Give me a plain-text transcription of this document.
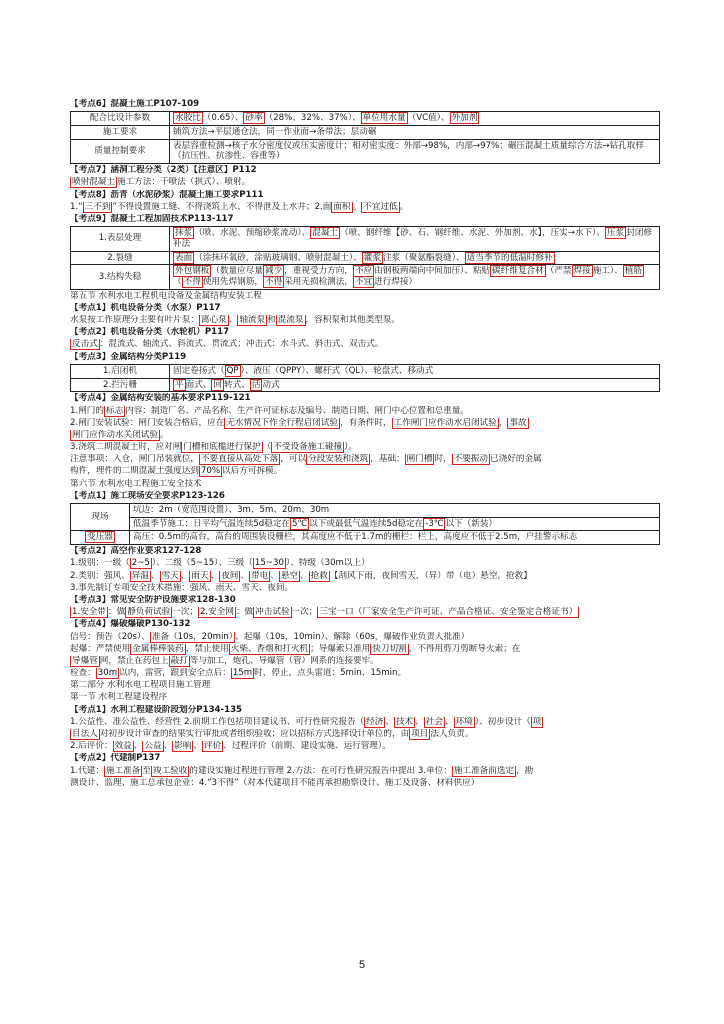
【考点6】混凝土施工P107-109
配合比设计参数	水胶比 （0.65）、 砂率 （28%、32%、37%）、 单位用水量 （VC值）、 外加剂
施工要求	铺筑方法→平层通仓法，同一作业面→条带法；层动碾
质量控制要求	表层容重检测→核子水分密度仪或压实密度计；相对密实度：外部→98%，内部→97%；碾压混凝土质量综合方法→钻孔取样（抗压性、抗渗性、容重等）
【考点7】涵洞工程分类（2类）【注意区】P112
喷射混凝土 施工方法：干喷法（拱式）、喷射。
【考点8】沥青（水泥砂浆）混凝土施工要求P111
1.“ 三不到 ”不得设置施工缝、不得浇筑上水、不得泄及上水井；2.面 面积 。 不宜过低 。
【考点9】混凝土工程加固技术P113-117
1.表层处理	抹浆 （喷、水泥、预缩砂浆流动）、 混凝土 （喷、钢纤维【砂、石、钢纤维、水泥、外加剂、水】，压实→水下）、 压浆 封闭修补法
2.裂缝	表面 （涂抹环氧砂，涂贴玻璃钢、喷射混凝土）、 灌浆 注浆（聚氨酯裂缝）、 适当季节的低温时修补
3.结构失稳	外包钢板 （数量应尽量 减少 ，重视受力方向， 不应 由钢板两端向中间加压）、粘贴 碳纤维复合材 （严禁 焊接 施工）、 植筋（ 不得 使用先焊钢筋， 不得 采用无损检测法， 不宜 进行焊接）
第五节 水利水电工程机电设备及金属结构安装工程
【考点1】机电设备分类（水泵）P117
水泵按工作原理分主要有叶片泵： 离心泵 、 轴流泵 和 混流泵 ，容积泵和其他类型泵。
【考点2】机电设备分类（水轮机）P117
反击式 ：混流式、轴流式、斜流式、贯流式；冲击式：水斗式、斜击式、双击式。
【考点3】金属结构分类P119
1.启闭机	固定卷扬式（ QP ）、液压（QPPY）、螺杆式（QL）、轮盘式、移动式
2.拦污栅	平 面式、 回 转式、 活 动式
【考点4】金属结构安装的基本要求P119-121
1.闸门的 标志 内容：制造厂名、产品名称、生产许可证标志及编号、制造日期、闸门中心位置和总重量。
2.闸门安装试验：闸门安装合格后，应在 无水情况下作全行程启闭试验 ，有条件时， 工作闸门应作动水启闭试验 ， 事故
闸门应作动水关闭试验 。
3.浇筑二期混凝土时，应对闸 门槽和底槛进行保护 （ 不受设备施工碰撞 ）。
注意事项：入仓，闸门吊装就位， 不要直接从高处下落 ，可以 分段安装和浇筑 ，基础： 闸门槽 时， 不要振动 已浇好的金属
构件，埋件的二期混凝土强度达到 70% 以后方可拆模。
第六节 水利水电工程施工安全技术
【考点1】施工现场安全要求P123-126
现场	坑边：2m（宽范围设置）、3m、5m、20m、30m
	低温季节施工：日平均气温连续5d稳定在 5℃ 以下或最低气温连续5d稳定在 -3℃ 以下（新装）
变压器	高压：0.5m的高台，高台的周围装设栅栏，其高度应不低于1.7m的栅栏：栏上，高度应不低于2.5m，户挂警示标志
【考点2】高空作业要求127-128
1.级别：一级（ 2~5 ）、二级（5~15）、三级（ 15~30 ）、特级（30m以上）
2.类别：强风、 异温 、 雪天 、 雨天 、 夜间 、 带电 、 悬空 、 抢救 【刮风下雨，夜间雪天，（异）带（电）悬空，抢救】
3.事先制订专项安全技术措施：强风、雨天、雪天、夜间。
【考点3】常见安全防护设施要求128-130
1.安全带 ：做 静负荷试验 一次； 2.安全网 ：做 冲击试验 一次； 三宝一口（厂家安全生产许可证、产品合格证、安全鉴定合格证书）
【考点4】爆破爆破P130-132
信号：预告（20s）、 准备（10s，20min） 、起爆（10s，10min）、解除（60s，爆破作业负责人批准）
起爆：严禁使用 金属棒棒装药 ，禁止使用 火柴、香烟和打火机 ；导爆索只准用 快刀切割 ，不得用剪刀剪断导火索；在
导爆管 网，禁止在药包上 敲打 等与加工，炮孔、导爆管（管）网系的连接要牢。
检查： 30m 以内，雷管，跟到安全点后： 15m 时，停止，点头雷道：5min、15min。
第二部分 水利水电工程项目施工管理
第一节 水利工程建设程序
【考点1】水利工程建设阶段划分P134-135
1.公益性、准公益性、经营性 2.前期工作包括项目建议书、可行性研究报告（ 经济 、 技术 、 社会 、 环境 ）、初步设计（ 项
目法人 对初步设计审查的结果实行审批或者组织验收；应以招标方式选择设计单位的，由 项目 法人负责。
2.后评价： 效益 、 公益 、 影响 、 评价 、过程评价（前期、建设实施、运行管理）。
【考点2】代建制P137
1.代建： 施工准备 至 竣工验收 的建设实施过程进行管理 2.方法：在可行性研究报告中提出 3.单位： 施工准备前选定 ，勘
测设计、监理、施工总承包企业：4.“3不得”（对本代建项目不能再承担勘察设计、施工及设备、材料供应）
5
